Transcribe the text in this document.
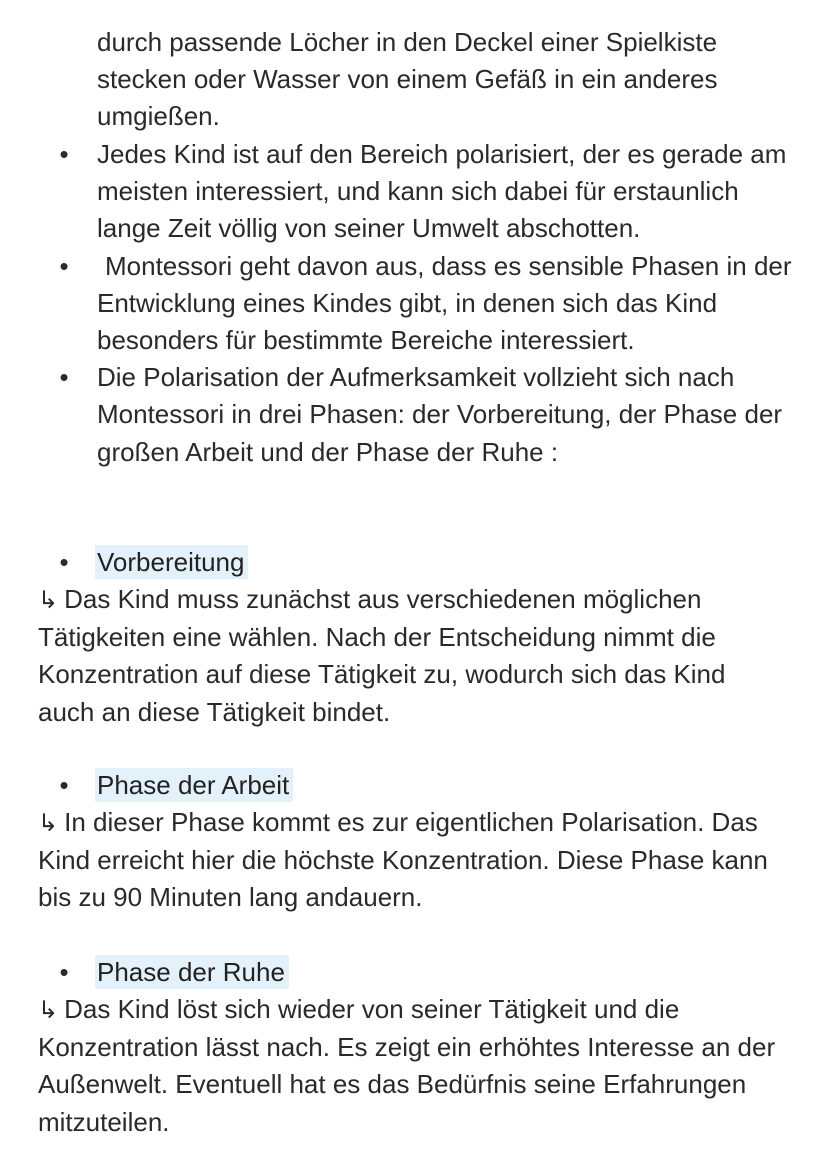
durch passende Löcher in den Deckel einer Spielkiste stecken oder Wasser von einem Gefäß in ein anderes umgießen.

• Jedes Kind ist auf den Bereich polarisiert, der es gerade am meisten interessiert, und kann sich dabei für erstaunlich lange Zeit völlig von seiner Umwelt abschotten.
• Montessori geht davon aus, dass es sensible Phasen in der Entwicklung eines Kindes gibt, in denen sich das Kind besonders für bestimmte Bereiche interessiert.
• Die Polarisation der Aufmerksamkeit vollzieht sich nach Montessori in drei Phasen: der Vorbereitung, der Phase der großen Arbeit und der Phase der Ruhe :
• Vorbereitung

↳ Das Kind muss zunächst aus verschiedenen möglichen Tätigkeiten eine wählen. Nach der Entscheidung nimmt die Konzentration auf diese Tätigkeit zu, wodurch sich das Kind auch an diese Tätigkeit bindet.

• Phase der Arbeit

↳ In dieser Phase kommt es zur eigentlichen Polarisation. Das Kind erreicht hier die höchste Konzentration. Diese Phase kann bis zu 90 Minuten lang andauern.

• Phase der Ruhe

↳ Das Kind löst sich wieder von seiner Tätigkeit und die Konzentration lässt nach. Es zeigt ein erhöhtes Interesse an der Außenwelt. Eventuell hat es das Bedürfnis seine Erfahrungen mitzuteilen.
